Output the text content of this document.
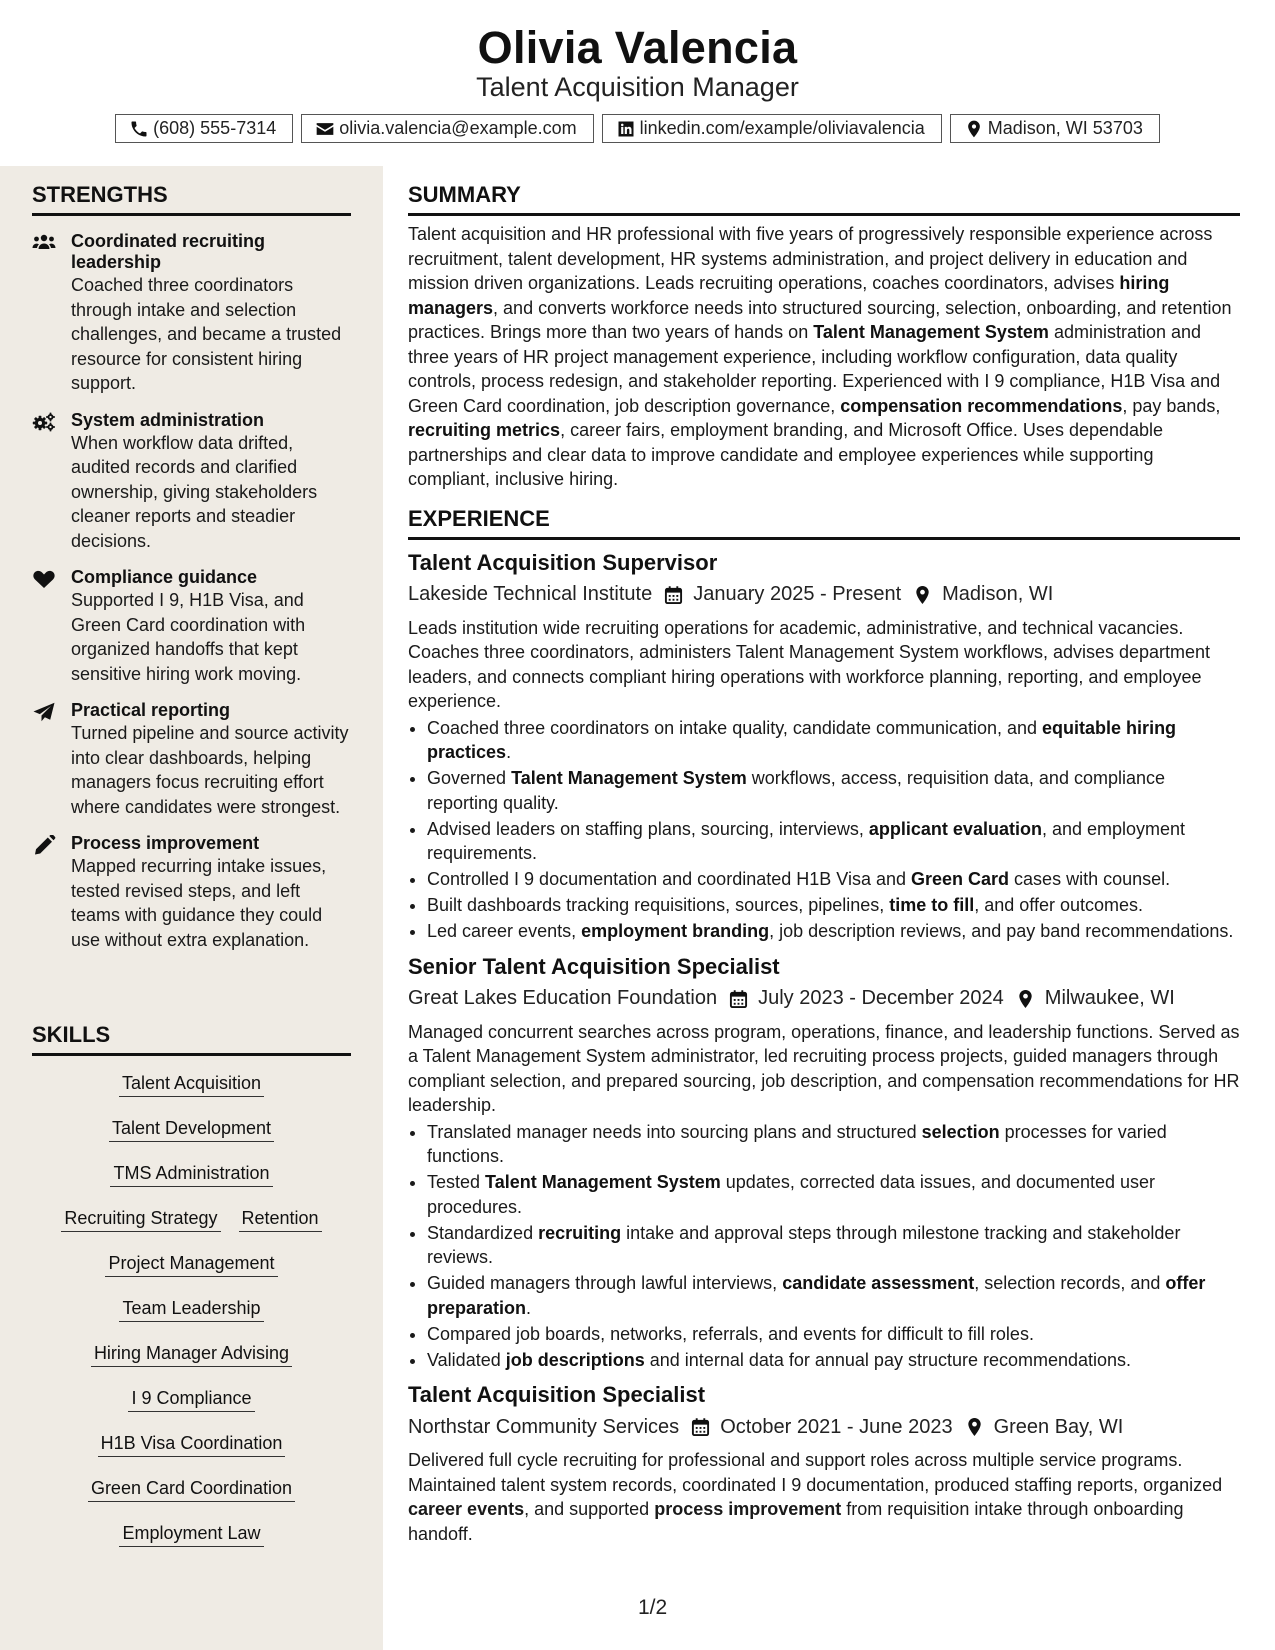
Olivia Valencia
Talent Acquisition Manager
(608) 555-7314	olivia.valencia@example.com	linkedin.com/example/oliviavalencia	Madison, WI 53703
STRENGTHS
Coordinated recruiting leadership
Coached three coordinators through intake and selection challenges, and became a trusted resource for consistent hiring support.
System administration
When workflow data drifted, audited records and clarified ownership, giving stakeholders cleaner reports and steadier decisions.
Compliance guidance
Supported I 9, H1B Visa, and Green Card coordination with organized handoffs that kept sensitive hiring work moving.
Practical reporting
Turned pipeline and source activity into clear dashboards, helping managers focus recruiting effort where candidates were strongest.
Process improvement
Mapped recurring intake issues, tested revised steps, and left teams with guidance they could use without extra explanation.
SKILLS
Talent Acquisition
Talent Development
TMS Administration
Recruiting Strategy Retention
Project Management
Team Leadership
Hiring Manager Advising
I 9 Compliance
H1B Visa Coordination
Green Card Coordination
Employment Law
SUMMARY
Talent acquisition and HR professional with five years of progressively responsible experience across recruitment, talent development, HR systems administration, and project delivery in education and mission driven organizations. Leads recruiting operations, coaches coordinators, advises hiring managers, and converts workforce needs into structured sourcing, selection, onboarding, and retention practices. Brings more than two years of hands on Talent Management System administration and three years of HR project management experience, including workflow configuration, data quality controls, process redesign, and stakeholder reporting. Experienced with I 9 compliance, H1B Visa and Green Card coordination, job description governance, compensation recommendations, pay bands, recruiting metrics, career fairs, employment branding, and Microsoft Office. Uses dependable partnerships and clear data to improve candidate and employee experiences while supporting compliant, inclusive hiring.
EXPERIENCE
Talent Acquisition Supervisor
Lakeside Technical Institute January 2025 - Present Madison, WI
Leads institution wide recruiting operations for academic, administrative, and technical vacancies. Coaches three coordinators, administers Talent Management System workflows, advises department leaders, and connects compliant hiring operations with workforce planning, reporting, and employee experience.
• Coached three coordinators on intake quality, candidate communication, and equitable hiring practices.
• Governed Talent Management System workflows, access, requisition data, and compliance reporting quality.
• Advised leaders on staffing plans, sourcing, interviews, applicant evaluation, and employment requirements.
• Controlled I 9 documentation and coordinated H1B Visa and Green Card cases with counsel.
• Built dashboards tracking requisitions, sources, pipelines, time to fill, and offer outcomes.
• Led career events, employment branding, job description reviews, and pay band recommendations.
Senior Talent Acquisition Specialist
Great Lakes Education Foundation July 2023 - December 2024 Milwaukee, WI
Managed concurrent searches across program, operations, finance, and leadership functions. Served as a Talent Management System administrator, led recruiting process projects, guided managers through compliant selection, and prepared sourcing, job description, and compensation recommendations for HR leadership.
• Translated manager needs into sourcing plans and structured selection processes for varied functions.
• Tested Talent Management System updates, corrected data issues, and documented user procedures.
• Standardized recruiting intake and approval steps through milestone tracking and stakeholder reviews.
• Guided managers through lawful interviews, candidate assessment, selection records, and offer preparation.
• Compared job boards, networks, referrals, and events for difficult to fill roles.
• Validated job descriptions and internal data for annual pay structure recommendations.
Talent Acquisition Specialist
Northstar Community Services October 2021 - June 2023 Green Bay, WI
Delivered full cycle recruiting for professional and support roles across multiple service programs. Maintained talent system records, coordinated I 9 documentation, produced staffing reports, organized career events, and supported process improvement from requisition intake through onboarding handoff.
1/2
